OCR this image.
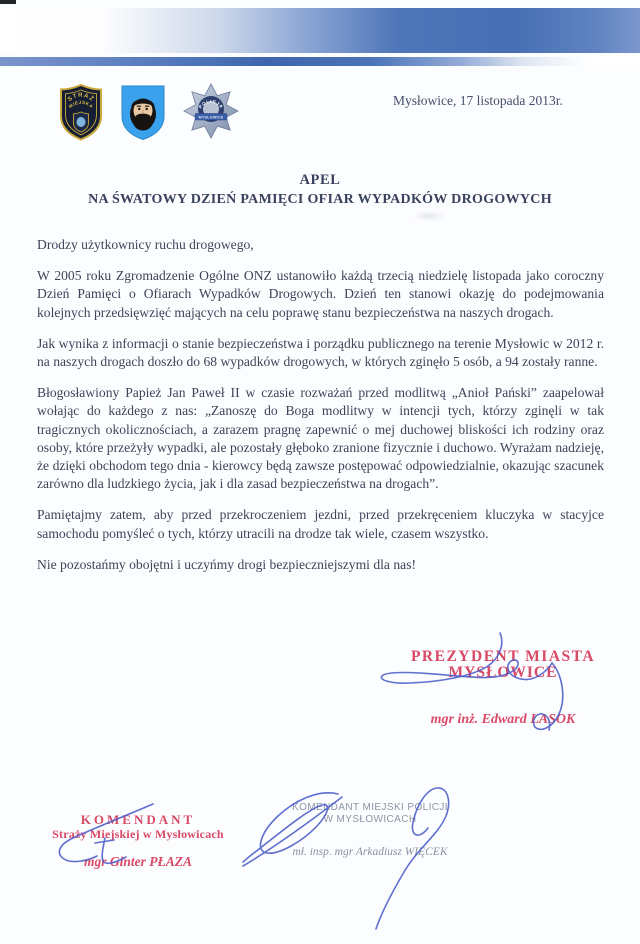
STRAŻ
MIEJSKA	POLICJA
MYSŁOWICE
Mysłowice, 17 listopada 2013r.
APEL
NA ŚWATOWY DZIEŃ PAMIĘCI OFIAR WYPADKÓW DROGOWYCH

Drodzy użytkownicy ruchu drogowego,

W 2005 roku Zgromadzenie Ogólne ONZ ustanowiło każdą trzecią niedzielę listopada jako coroczny Dzień Pamięci o Ofiarach Wypadków Drogowych. Dzień ten stanowi okazję do podejmowania kolejnych przedsięwzięć mających na celu poprawę stanu bezpieczeństwa na naszych drogach.

Jak wynika z informacji o stanie bezpieczeństwa i porządku publicznego na terenie Mysłowic w 2012 r. na naszych drogach doszło do 68 wypadków drogowych, w których zginęło 5 osób, a 94 zostały ranne.

Błogosławiony Papież Jan Paweł II w czasie rozważań przed modlitwą „Anioł Pański” zaapelował wołając do każdego z nas: „Zanoszę do Boga modlitwy w intencji tych, którzy zginęli w tak tragicznych okolicznościach, a zarazem pragnę zapewnić o mej duchowej bliskości ich rodziny oraz osoby, które przeżyły wypadki, ale pozostały głęboko zranione fizycznie i duchowo. Wyrażam nadzieję, że dzięki obchodom tego dnia - kierowcy będą zawsze postępować odpowiedzialnie, okazując szacunek zarówno dla ludzkiego życia, jak i dla zasad bezpieczeństwa na drogach”.

Pamiętajmy zatem, aby przed przekroczeniem jezdni, przed przekręceniem kluczyka w stacyjce samochodu pomyśleć o tych, którzy utracili na drodze tak wiele, czasem wszystko.

Nie pozostańmy obojętni i uczyńmy drogi bezpieczniejszymi dla nas!

PREZYDENT MIASTA
MYSŁOWICE
mgr inż. Edward LASOK
KOMENDANT
Straży Miejskiej w Mysłowicach
mgr Ginter PŁAZA
KOMENDANT MIEJSKI POLICJI
W MYSŁOWICACH
mł. insp. mgr Arkadiusz WIĘCEK
